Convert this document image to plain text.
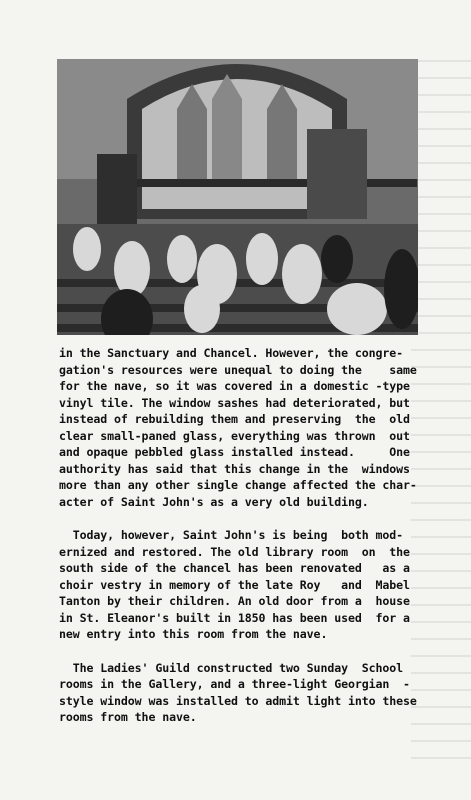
in the Sanctuary and Chancel. However, the congre-
gation's resources were unequal to doing the    same
for the nave, so it was covered in a domestic -type
vinyl tile. The window sashes had deteriorated, but
instead of rebuilding them and preserving  the  old
clear small-paned glass, everything was thrown  out
and opaque pebbled glass installed instead.     One
authority has said that this change in the  windows
more than any other single change affected the char-
acter of Saint John's as a very old building.

Today, however, Saint John's is being  both mod-
ernized and restored. The old library room  on  the
south side of the chancel has been renovated   as a
choir vestry in memory of the late Roy   and  Mabel
Tanton by their children. An old door from a  house
in St. Eleanor's built in 1850 has been used  for a
new entry into this room from the nave.

The Ladies' Guild constructed two Sunday  School
rooms in the Gallery, and a three-light Georgian  -
style window was installed to admit light into these
rooms from the nave.
